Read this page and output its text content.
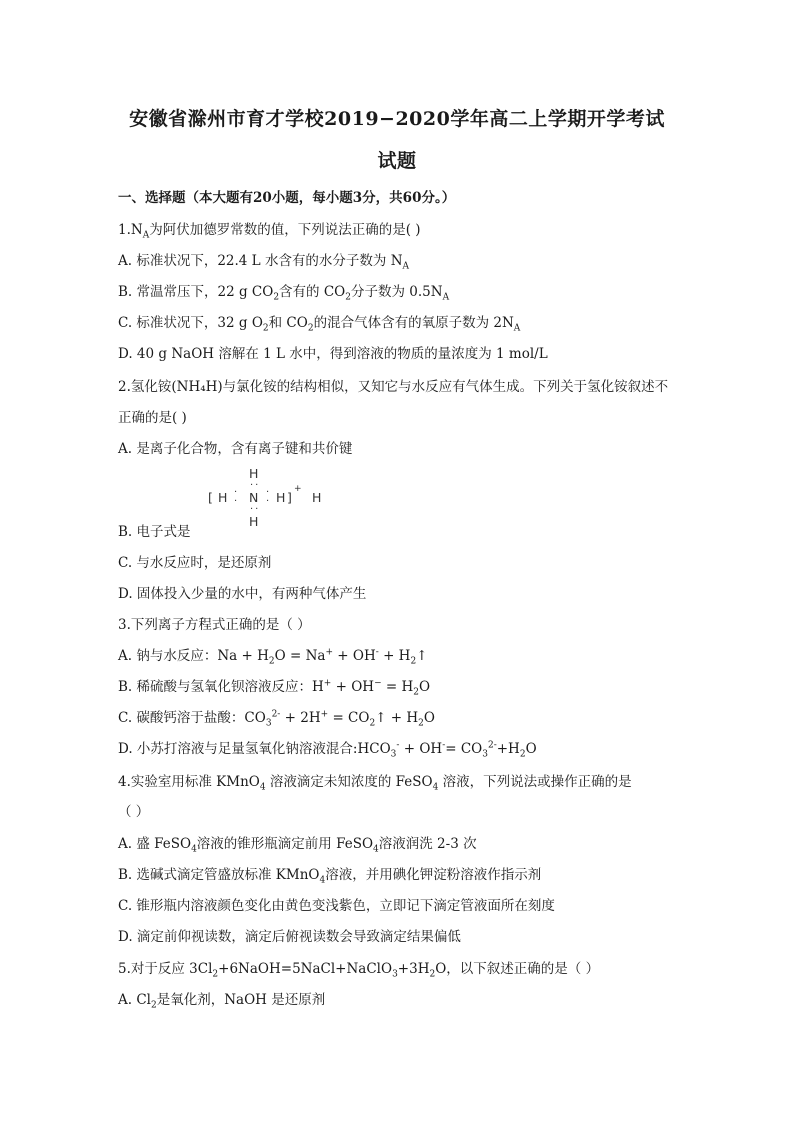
安徽省滁州市育才学校2019−2020学年高二上学期开学考试
试题
一、选择题（本大题有20小题，每小题3分，共60分。）
$1.N_A$为阿伏加德罗常数的值，下列说法正确的是( )
A. 标准状况下，22.4 L 水含有的水分子数为 $N_A$
B. 常温常压下，22 g $CO_2$含有的 $CO_2$分子数为 $0.5N_A$
C. 标准状况下，32 g $O_2$和 $CO_2$的混合气体含有的氧原子数为 $2N_A$
D. 40 g NaOH 溶解在 1 L 水中，得到溶液的物质的量浓度为 1 mol/L
2.氢化铵(NH₄H)与氯化铵的结构相似，又知它与水反应有气体生成。下列关于氢化铵叙述不
正确的是( )
A. 是离子化合物，含有离子键和共价键
H
· ·
[ H ·
· N ·
· H ]
+
H
· ·
H
B. 电子式是
C. 与水反应时，是还原剂
D. 固体投入少量的水中，有两种气体产生
3.下列离子方程式正确的是（ ）
A. 钠与水反应：$Na + H_2O = Na^+ + OH^-$ + $H_2↑$
B. 稀硫酸与氢氧化钡溶液反应：$H^+ + OH^- = H_2O$
C. 碳酸钙溶于盐酸：$CO_3^{2-} + 2H^+$ = $CO_2↑ + H_2O$
D. 小苏打溶液与足量氢氧化钠溶液混合$:HCO_3^- + OH^-= CO_3^{2-}+H_2O$
4.实验室用标准 KMnO$_4$ 溶液滴定未知浓度的 FeSO$_4$ 溶液，下列说法或操作正确的是
（ ）
A. 盛 FeSO$_4$溶液的锥形瓶滴定前用 FeSO$_4$溶液润洗 2-3 次
B. 选碱式滴定管盛放标准 KMnO$_4$溶液，并用碘化钾淀粉溶液作指示剂
C. 锥形瓶内溶液颜色变化由黄色变浅紫色，立即记下滴定管液面所在刻度
D. 滴定前仰视读数，滴定后俯视读数会导致滴定结果偏低
5.对于反应 $3Cl_2+6NaOH=5NaCl+NaClO_3+3H_2O$，以下叙述正确的是（ ）
A. $Cl_2$是氧化剂，NaOH 是还原剂
